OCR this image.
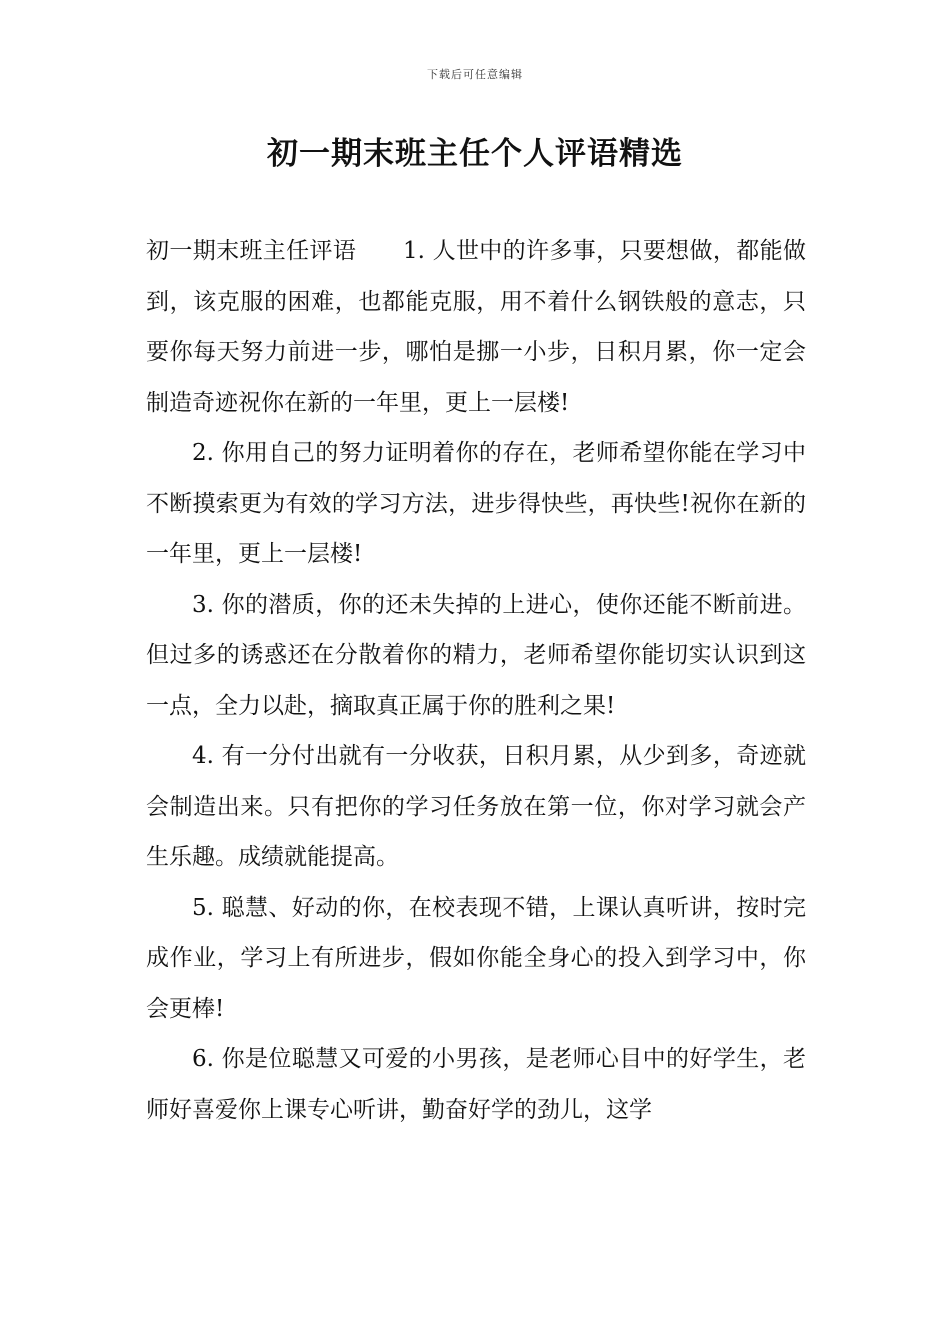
下载后可任意编辑
初一期末班主任个人评语精选

初一期末班主任评语　　1. 人世中的许多事，只要想做，都能做到，该克服的困难，也都能克服，用不着什么钢铁般的意志，只要你每天努力前进一步，哪怕是挪一小步，日积月累，你一定会制造奇迹祝你在新的一年里，更上一层楼!

2. 你用自己的努力证明着你的存在，老师希望你能在学习中不断摸索更为有效的学习方法，进步得快些，再快些!祝你在新的一年里，更上一层楼!

3. 你的潜质，你的还未失掉的上进心，使你还能不断前进。但过多的诱惑还在分散着你的精力，老师希望你能切实认识到这一点，全力以赴，摘取真正属于你的胜利之果!

4. 有一分付出就有一分收获，日积月累，从少到多，奇迹就会制造出来。只有把你的学习任务放在第一位，你对学习就会产生乐趣。成绩就能提高。

5. 聪慧、好动的你，在校表现不错，上课认真听讲，按时完成作业，学习上有所进步，假如你能全身心的投入到学习中，你会更棒!

6. 你是位聪慧又可爱的小男孩，是老师心目中的好学生，老师好喜爱你上课专心听讲，勤奋好学的劲儿，这学
